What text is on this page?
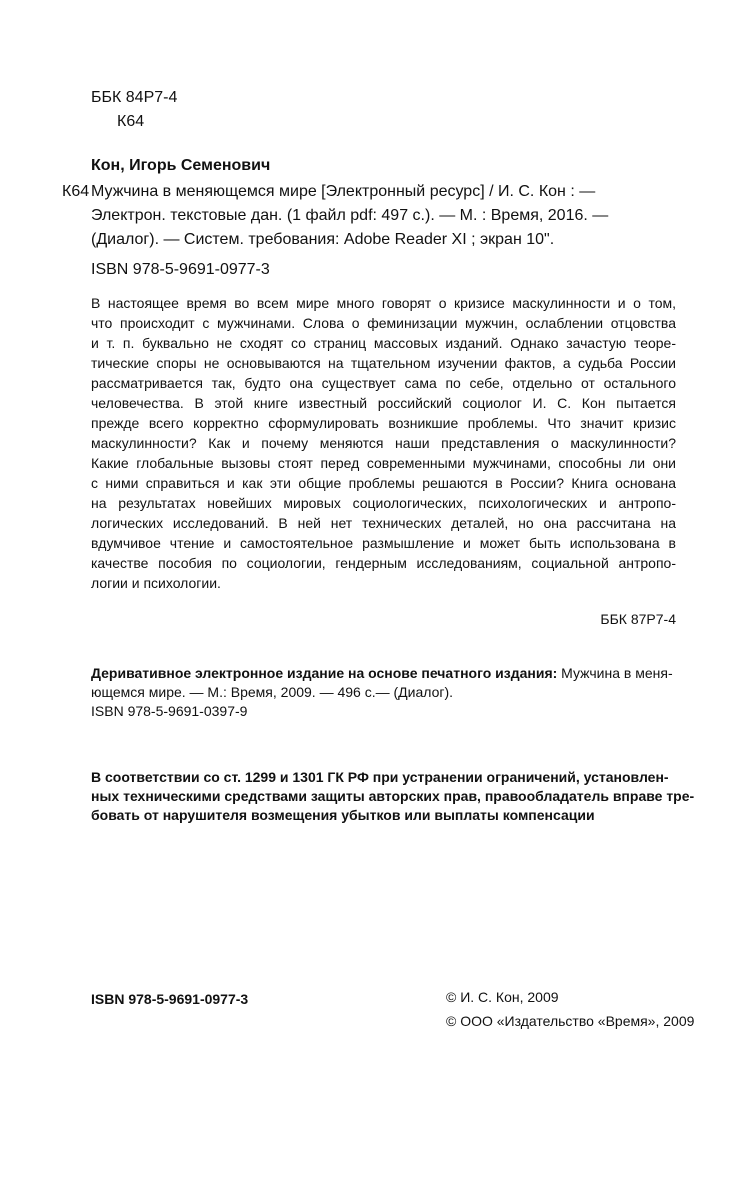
ББК 84Р7-4
К64
Кон, Игорь Семенович
К64 Мужчина в меняющемся мире [Электронный ресурс] / И. С. Кон : —
Электрон. текстовые дан. (1 файл pdf: 497 с.). — М. : Время, 2016. —
(Диалог). — Систем. требования: Adobe Reader XI ; экран 10".
ISBN 978-5-9691-0977-3
В настоящее время во всем мире много говорят о кризисе маскулинности и о том,
что происходит с мужчинами. Слова о феминизации мужчин, ослаблении отцовства
и т. п. буквально не сходят со страниц массовых изданий. Однако зачастую теоре-
тические споры не основываются на тщательном изучении фактов, а судьба России
рассматривается так, будто она существует сама по себе, отдельно от остального
человечества. В этой книге известный российский социолог И. С. Кон пытается
прежде всего корректно сформулировать возникшие проблемы. Что значит кризис
маскулинности? Как и почему меняются наши представления о маскулинности?
Какие глобальные вызовы стоят перед современными мужчинами, способны ли они
с ними справиться и как эти общие проблемы решаются в России? Книга основана
на результатах новейших мировых социологических, психологических и антропо-
логических исследований. В ней нет технических деталей, но она рассчитана на
вдумчивое чтение и самостоятельное размышление и может быть использована в
качестве пособия по социологии, гендерным исследованиям, социальной антропо-
логии и психологии.
ББК 87Р7-4
Деривативное электронное издание на основе печатного издания: Мужчина в меня-
ющемся мире. — М.: Время, 2009. — 496 с.— (Диалог).
ISBN 978-5-9691-0397-9
В соответствии со ст. 1299 и 1301 ГК РФ при устранении ограничений, установлен-
ных техническими средствами защиты авторских прав, правообладатель вправе тре-
бовать от нарушителя возмещения убытков или выплаты компенсации
ISBN 978-5-9691-0977-3	© И. С. Кон, 2009
© ООО «Издательство «Время», 2009
